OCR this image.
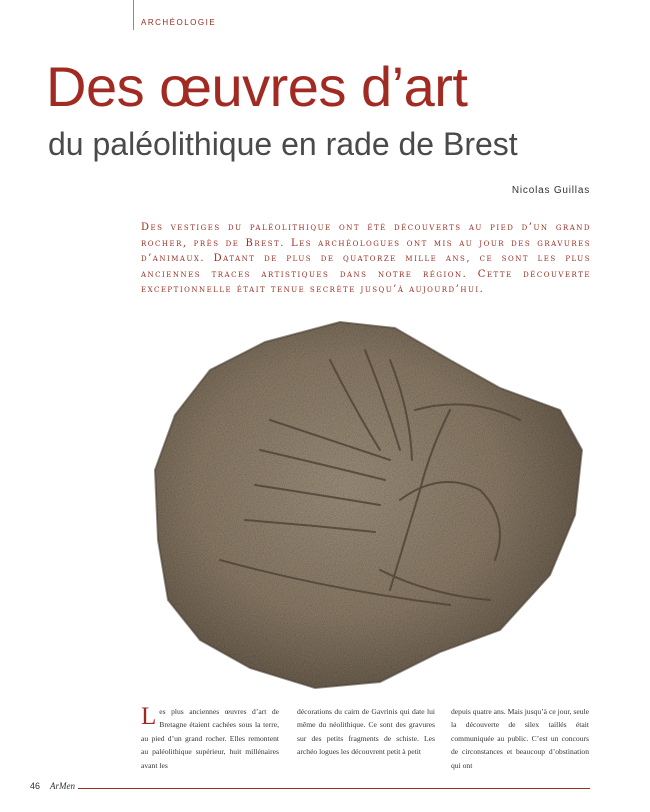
ARCHÉOLOGIE
Des œuvres d’art
du paléolithique en rade de Brest
Nicolas Guillas

Des vestiges du paléolithique ont été découverts au pied d’un grand rocher, près de Brest. Les archéologues ont mis au jour des gravures d’animaux. Datant de plus de quatorze mille ans, ce sont les plus anciennes traces artistiques dans notre région. Cette découverte exceptionnelle était tenue secrète jusqu’à aujourd’hui.

Les plus anciennes œuvres d’art de Bretagne étaient cachées sous la terre, au pied d’un grand rocher. Elles remontent au paléolithique supérieur, huit millénaires avant les

décorations du cairn de Gavrinis qui date lui même du néolithique. Ce sont des gravures sur des petits fragments de schiste. Les archéo logues les découvrent petit à petit

depuis quatre ans. Mais jusqu’à ce jour, seule la découverte de silex taillés était communiquée au public. C’est un concours de circonstances et beaucoup d’obstination qui ont

46	ArMen
